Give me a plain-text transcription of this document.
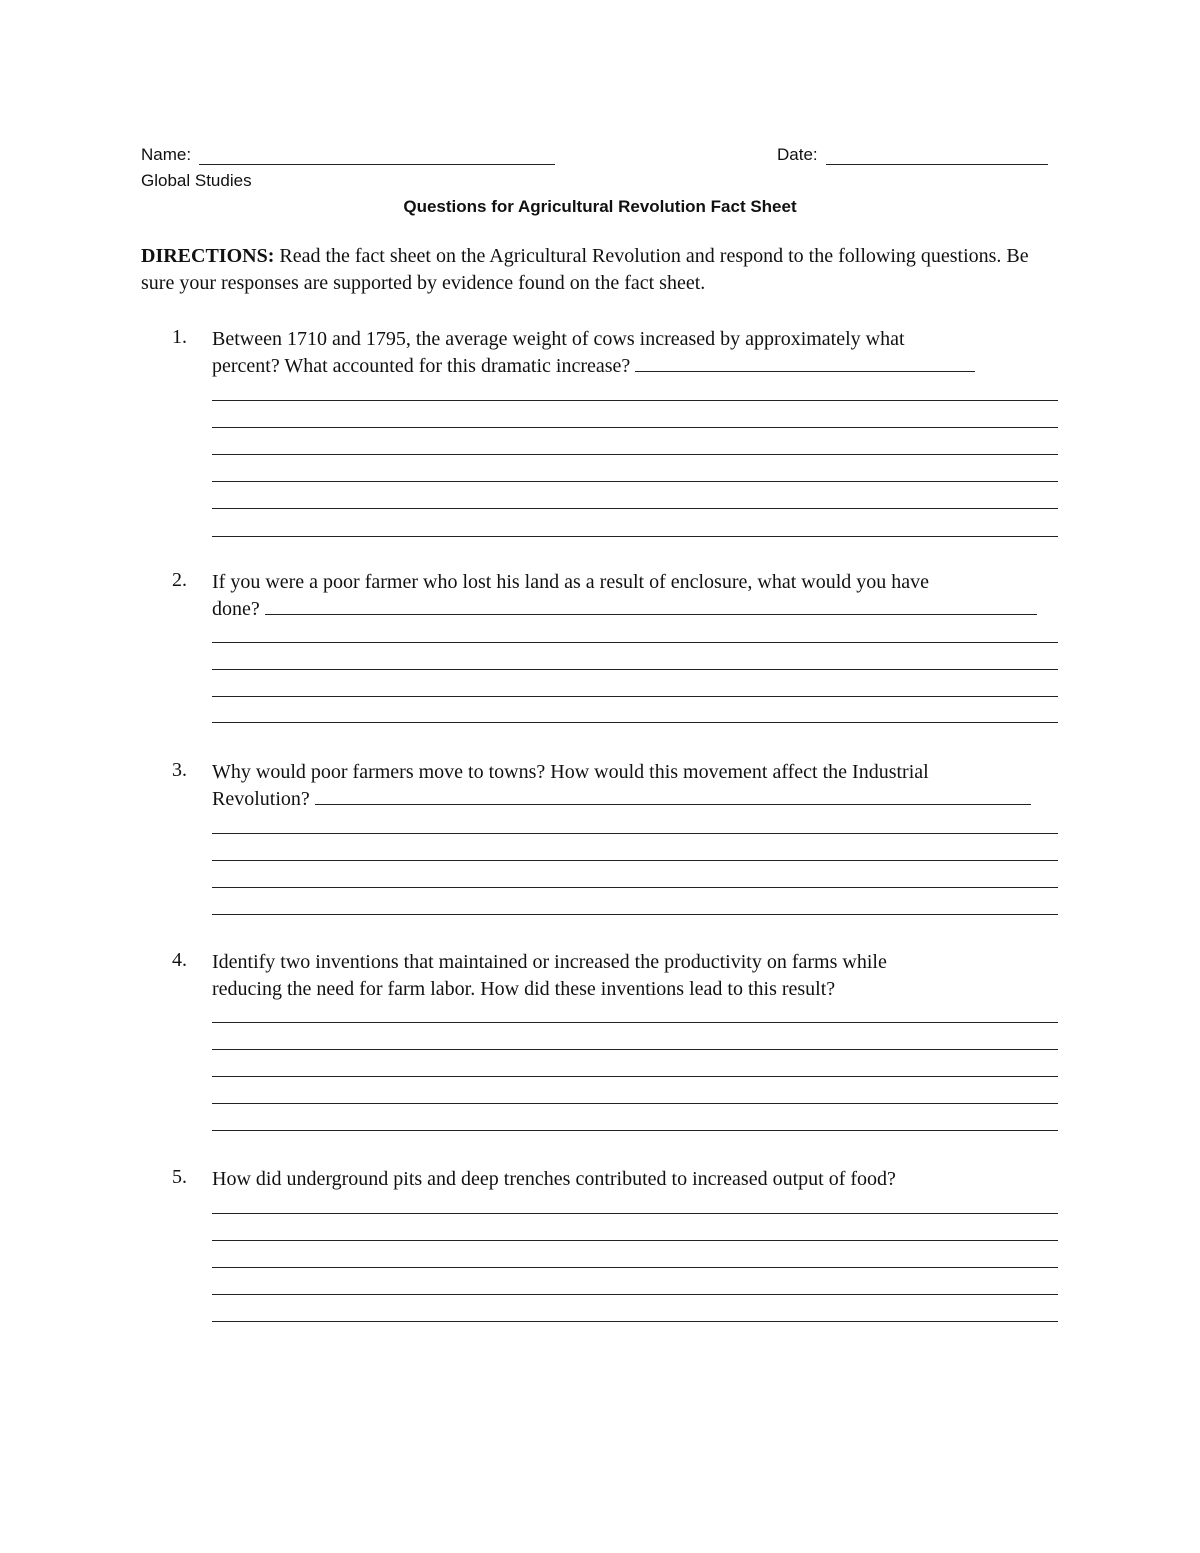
Name:	Date:
Global Studies
Questions for Agricultural Revolution Fact Sheet
DIRECTIONS: Read the fact sheet on the Agricultural Revolution and respond to the following questions. Be sure your responses are supported by evidence found on the fact sheet.
1.	Between 1710 and 1795, the average weight of cows increased by approximately what
percent? What accounted for this dramatic increase?
2.	If you were a poor farmer who lost his land as a result of enclosure, what would you have
done?
3.	Why would poor farmers move to towns? How would this movement affect the Industrial
Revolution?
4.	Identify two inventions that maintained or increased the productivity on farms while
reducing the need for farm labor. How did these inventions lead to this result?
5.	How did underground pits and deep trenches contributed to increased output of food?
